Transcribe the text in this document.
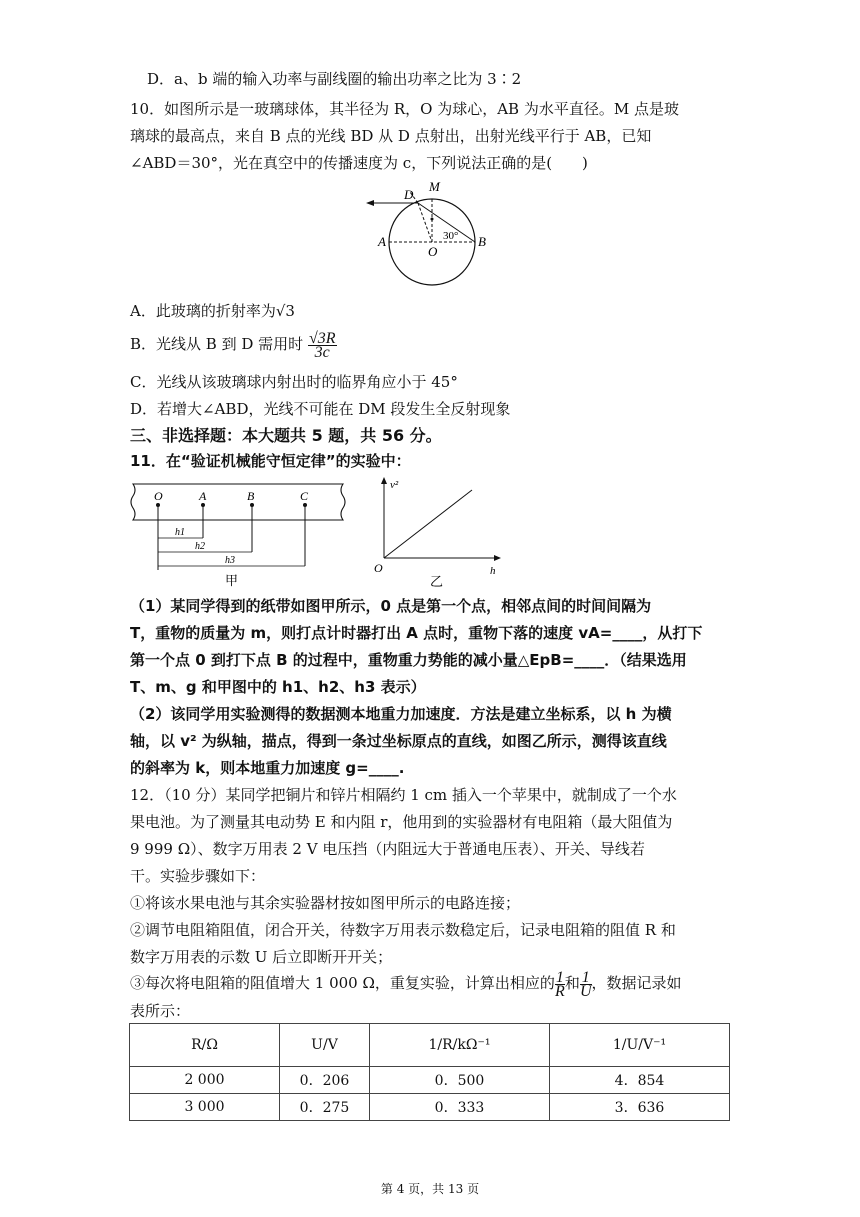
D．a、b 端的输入功率与副线圈的输出功率之比为 3∶2
10．如图所示是一玻璃球体，其半径为 R，O 为球心，AB 为水平直径。M 点是玻
璃球的最高点，来自 B 点的光线 BD 从 D 点射出，出射光线平行于 AB，已知
∠ABD＝30°，光在真空中的传播速度为 c，下列说法正确的是(　　)
D
M
A
O
B
30°
A．此玻璃的折射率为√3
B．光线从 B 到 D 需用时 $\frac{√3R}{3c}$
C．光线从该玻璃球内射出时的临界角应小于 45°
D．若增大∠ABD，光线不可能在 DM 段发生全反射现象
三、非选择题：本大题共 5 题，共 56 分。
11．在“验证机械能守恒定律”的实验中：
O	A	B	C
h1
h2
h3
甲
v²
h
O
乙
（1）某同学得到的纸带如图甲所示，0 点是第一个点，相邻点间的时间间隔为
T，重物的质量为 m，则打点计时器打出 A 点时，重物下落的速度 vA=____，从打下
第一个点 0 到打下点 B 的过程中，重物重力势能的减小量△EpB=____．（结果选用
T、m、g 和甲图中的 h1、h2、h3 表示）
（2）该同学用实验测得的数据测本地重力加速度．方法是建立坐标系，以 h 为横
轴，以 v² 为纵轴，描点，得到一条过坐标原点的直线，如图乙所示，测得该直线
的斜率为 k，则本地重力加速度 g=____.
12．（10 分）某同学把铜片和锌片相隔约 1 cm 插入一个苹果中，就制成了一个水
果电池。为了测量其电动势 E 和内阻 r，他用到的实验器材有电阻箱（最大阻值为
9 999 Ω）、数字万用表 2 V 电压挡（内阻远大于普通电压表）、开关、导线若
干。实验步骤如下：
①将该水果电池与其余实验器材按如图甲所示的电路连接；
②调节电阻箱阻值，闭合开关，待数字万用表示数稳定后，记录电阻箱的阻值 R 和
数字万用表的示数 U 后立即断开开关；
③每次将电阻箱的阻值增大 1 000 Ω，重复实验，计算出相应的 $\frac{1}{R}$ 和 $\frac{1}{U}$ ，数据记录如
表所示：
R/Ω	U/V	1/R/kΩ⁻¹	1/U/V⁻¹
2 000	0．206	0．500	4．854
3 000	0．275	0．333	3．636
第 4 页，共 13 页
